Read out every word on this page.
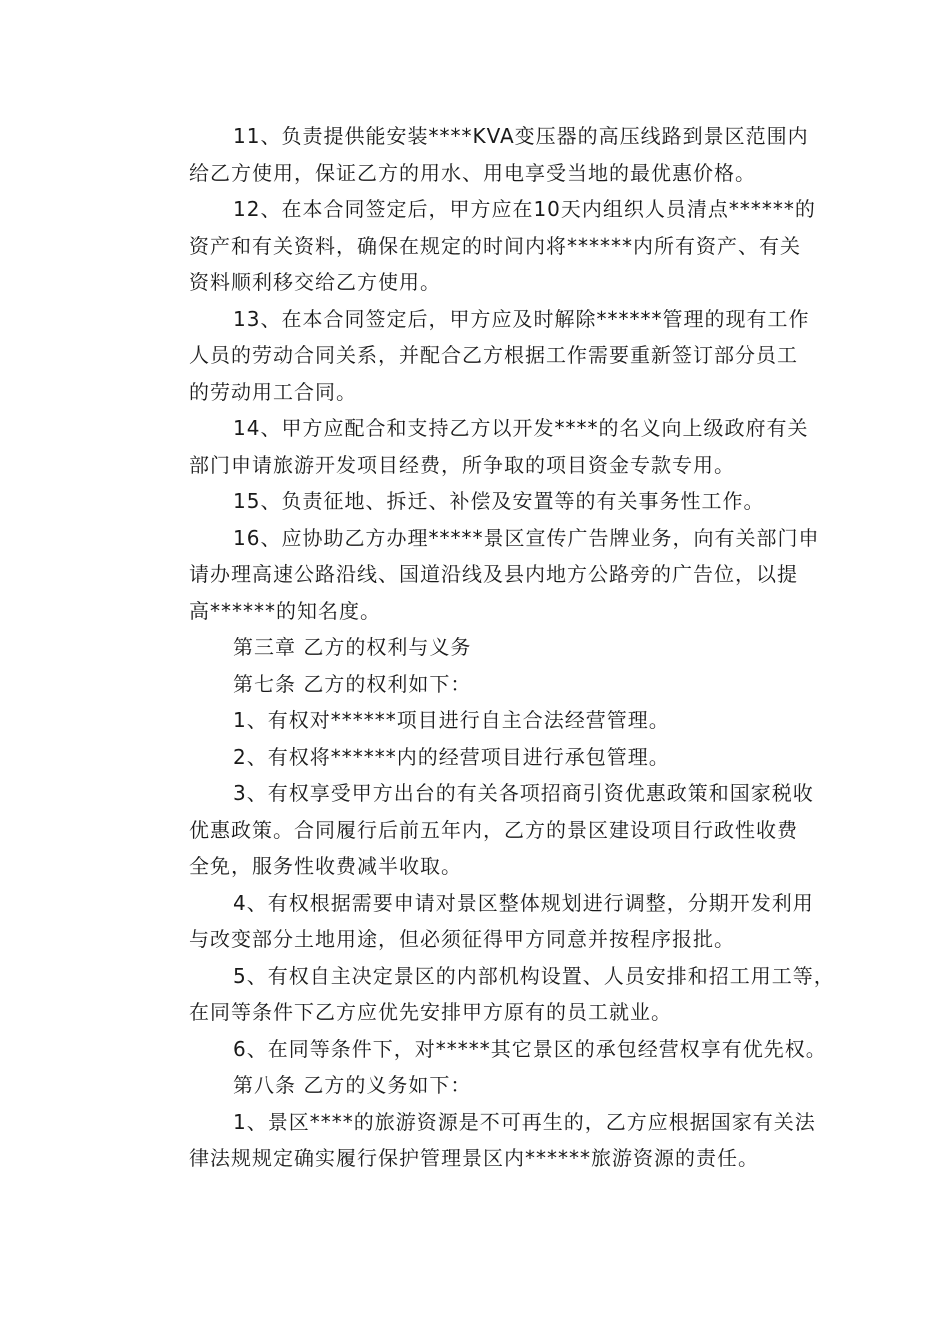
11、负责提供能安装****KVA变压器的高压线路到景区范围内
给乙方使用，保证乙方的用水、用电享受当地的最优惠价格。

12、在本合同签定后，甲方应在10天内组织人员清点******的
资产和有关资料，确保在规定的时间内将******内所有资产、有关
资料顺利移交给乙方使用。

13、在本合同签定后，甲方应及时解除******管理的现有工作
人员的劳动合同关系，并配合乙方根据工作需要重新签订部分员工
的劳动用工合同。

14、甲方应配合和支持乙方以开发****的名义向上级政府有关
部门申请旅游开发项目经费，所争取的项目资金专款专用。

15、负责征地、拆迁、补偿及安置等的有关事务性工作。

16、应协助乙方办理*****景区宣传广告牌业务，向有关部门申
请办理高速公路沿线、国道沿线及县内地方公路旁的广告位，以提
高******的知名度。

第三章 乙方的权利与义务

第七条 乙方的权利如下：

1、有权对******项目进行自主合法经营管理。

2、有权将******内的经营项目进行承包管理。

3、有权享受甲方出台的有关各项招商引资优惠政策和国家税收
优惠政策。合同履行后前五年内，乙方的景区建设项目行政性收费
全免，服务性收费减半收取。

4、有权根据需要申请对景区整体规划进行调整，分期开发利用
与改变部分土地用途，但必须征得甲方同意并按程序报批。

5、有权自主决定景区的内部机构设置、人员安排和招工用工等，
在同等条件下乙方应优先安排甲方原有的员工就业。

6、在同等条件下，对*****其它景区的承包经营权享有优先权。

第八条 乙方的义务如下：

1、景区****的旅游资源是不可再生的，乙方应根据国家有关法
律法规规定确实履行保护管理景区内******旅游资源的责任。
